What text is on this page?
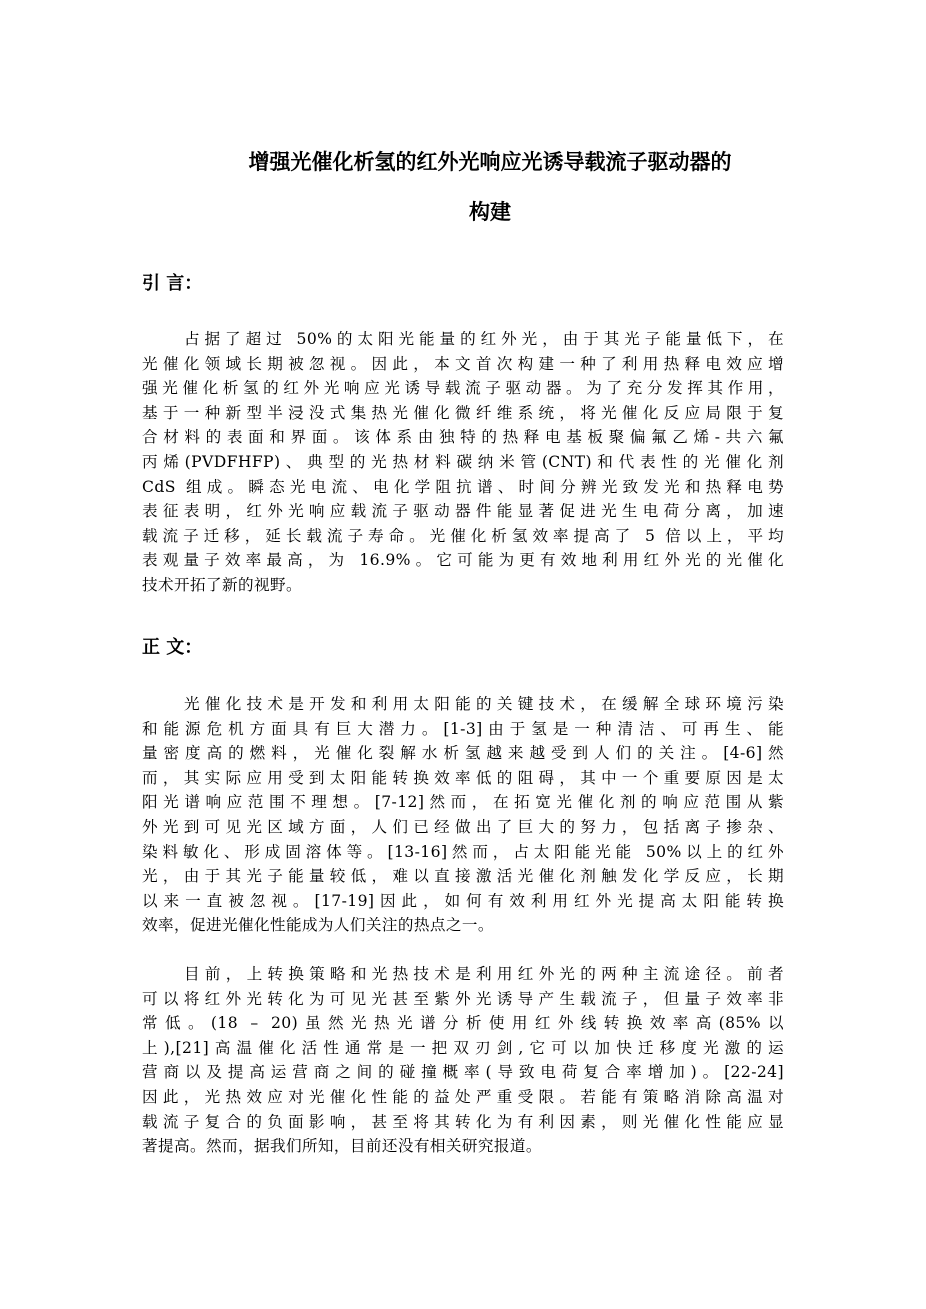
增强光催化析氢的红外光响应光诱导载流子驱动器的
构建
引 言：
占据了超过 50%的太阳光能量的红外光，由于其光子能量低下，在
光催化领域长期被忽视。因此，本文首次构建一种了利用热释电效应增
强光催化析氢的红外光响应光诱导载流子驱动器。为了充分发挥其作用，
基于一种新型半浸没式集热光催化微纤维系统，将光催化反应局限于复
合材料的表面和界面。该体系由独特的热释电基板聚偏氟乙烯-共六氟
丙烯(PVDFHFP)、典型的光热材料碳纳米管(CNT)和代表性的光催化剂
CdS 组成。瞬态光电流、电化学阻抗谱、时间分辨光致发光和热释电势
表征表明，红外光响应载流子驱动器件能显著促进光生电荷分离，加速
载流子迁移，延长载流子寿命。光催化析氢效率提高了 5 倍以上，平均
表观量子效率最高，为 16.9%。它可能为更有效地利用红外光的光催化
技术开拓了新的视野。
正 文：
光催化技术是开发和利用太阳能的关键技术，在缓解全球环境污染
和能源危机方面具有巨大潜力。[1-3]由于氢是一种清洁、可再生、能
量密度高的燃料，光催化裂解水析氢越来越受到人们的关注。[4-6]然
而，其实际应用受到太阳能转换效率低的阻碍，其中一个重要原因是太
阳光谱响应范围不理想。[7-12]然而，在拓宽光催化剂的响应范围从紫
外光到可见光区域方面，人们已经做出了巨大的努力，包括离子掺杂、
染料敏化、形成固溶体等。[13-16]然而，占太阳能光能 50%以上的红外
光，由于其光子能量较低，难以直接激活光催化剂触发化学反应，长期
以来一直被忽视。[17-19]因此，如何有效利用红外光提高太阳能转换
效率，促进光催化性能成为人们关注的热点之一。
目前，上转换策略和光热技术是利用红外光的两种主流途径。前者
可以将红外光转化为可见光甚至紫外光诱导产生载流子，但量子效率非
常低。(18 – 20)虽然光热光谱分析使用红外线转换效率高(85%以
上),[21]高温催化活性通常是一把双刃剑,它可以加快迁移度光激的运
营商以及提高运营商之间的碰撞概率(导致电荷复合率增加)。[22-24]
因此，光热效应对光催化性能的益处严重受限。若能有策略消除高温对
载流子复合的负面影响，甚至将其转化为有利因素，则光催化性能应显
著提高。然而，据我们所知，目前还没有相关研究报道。
